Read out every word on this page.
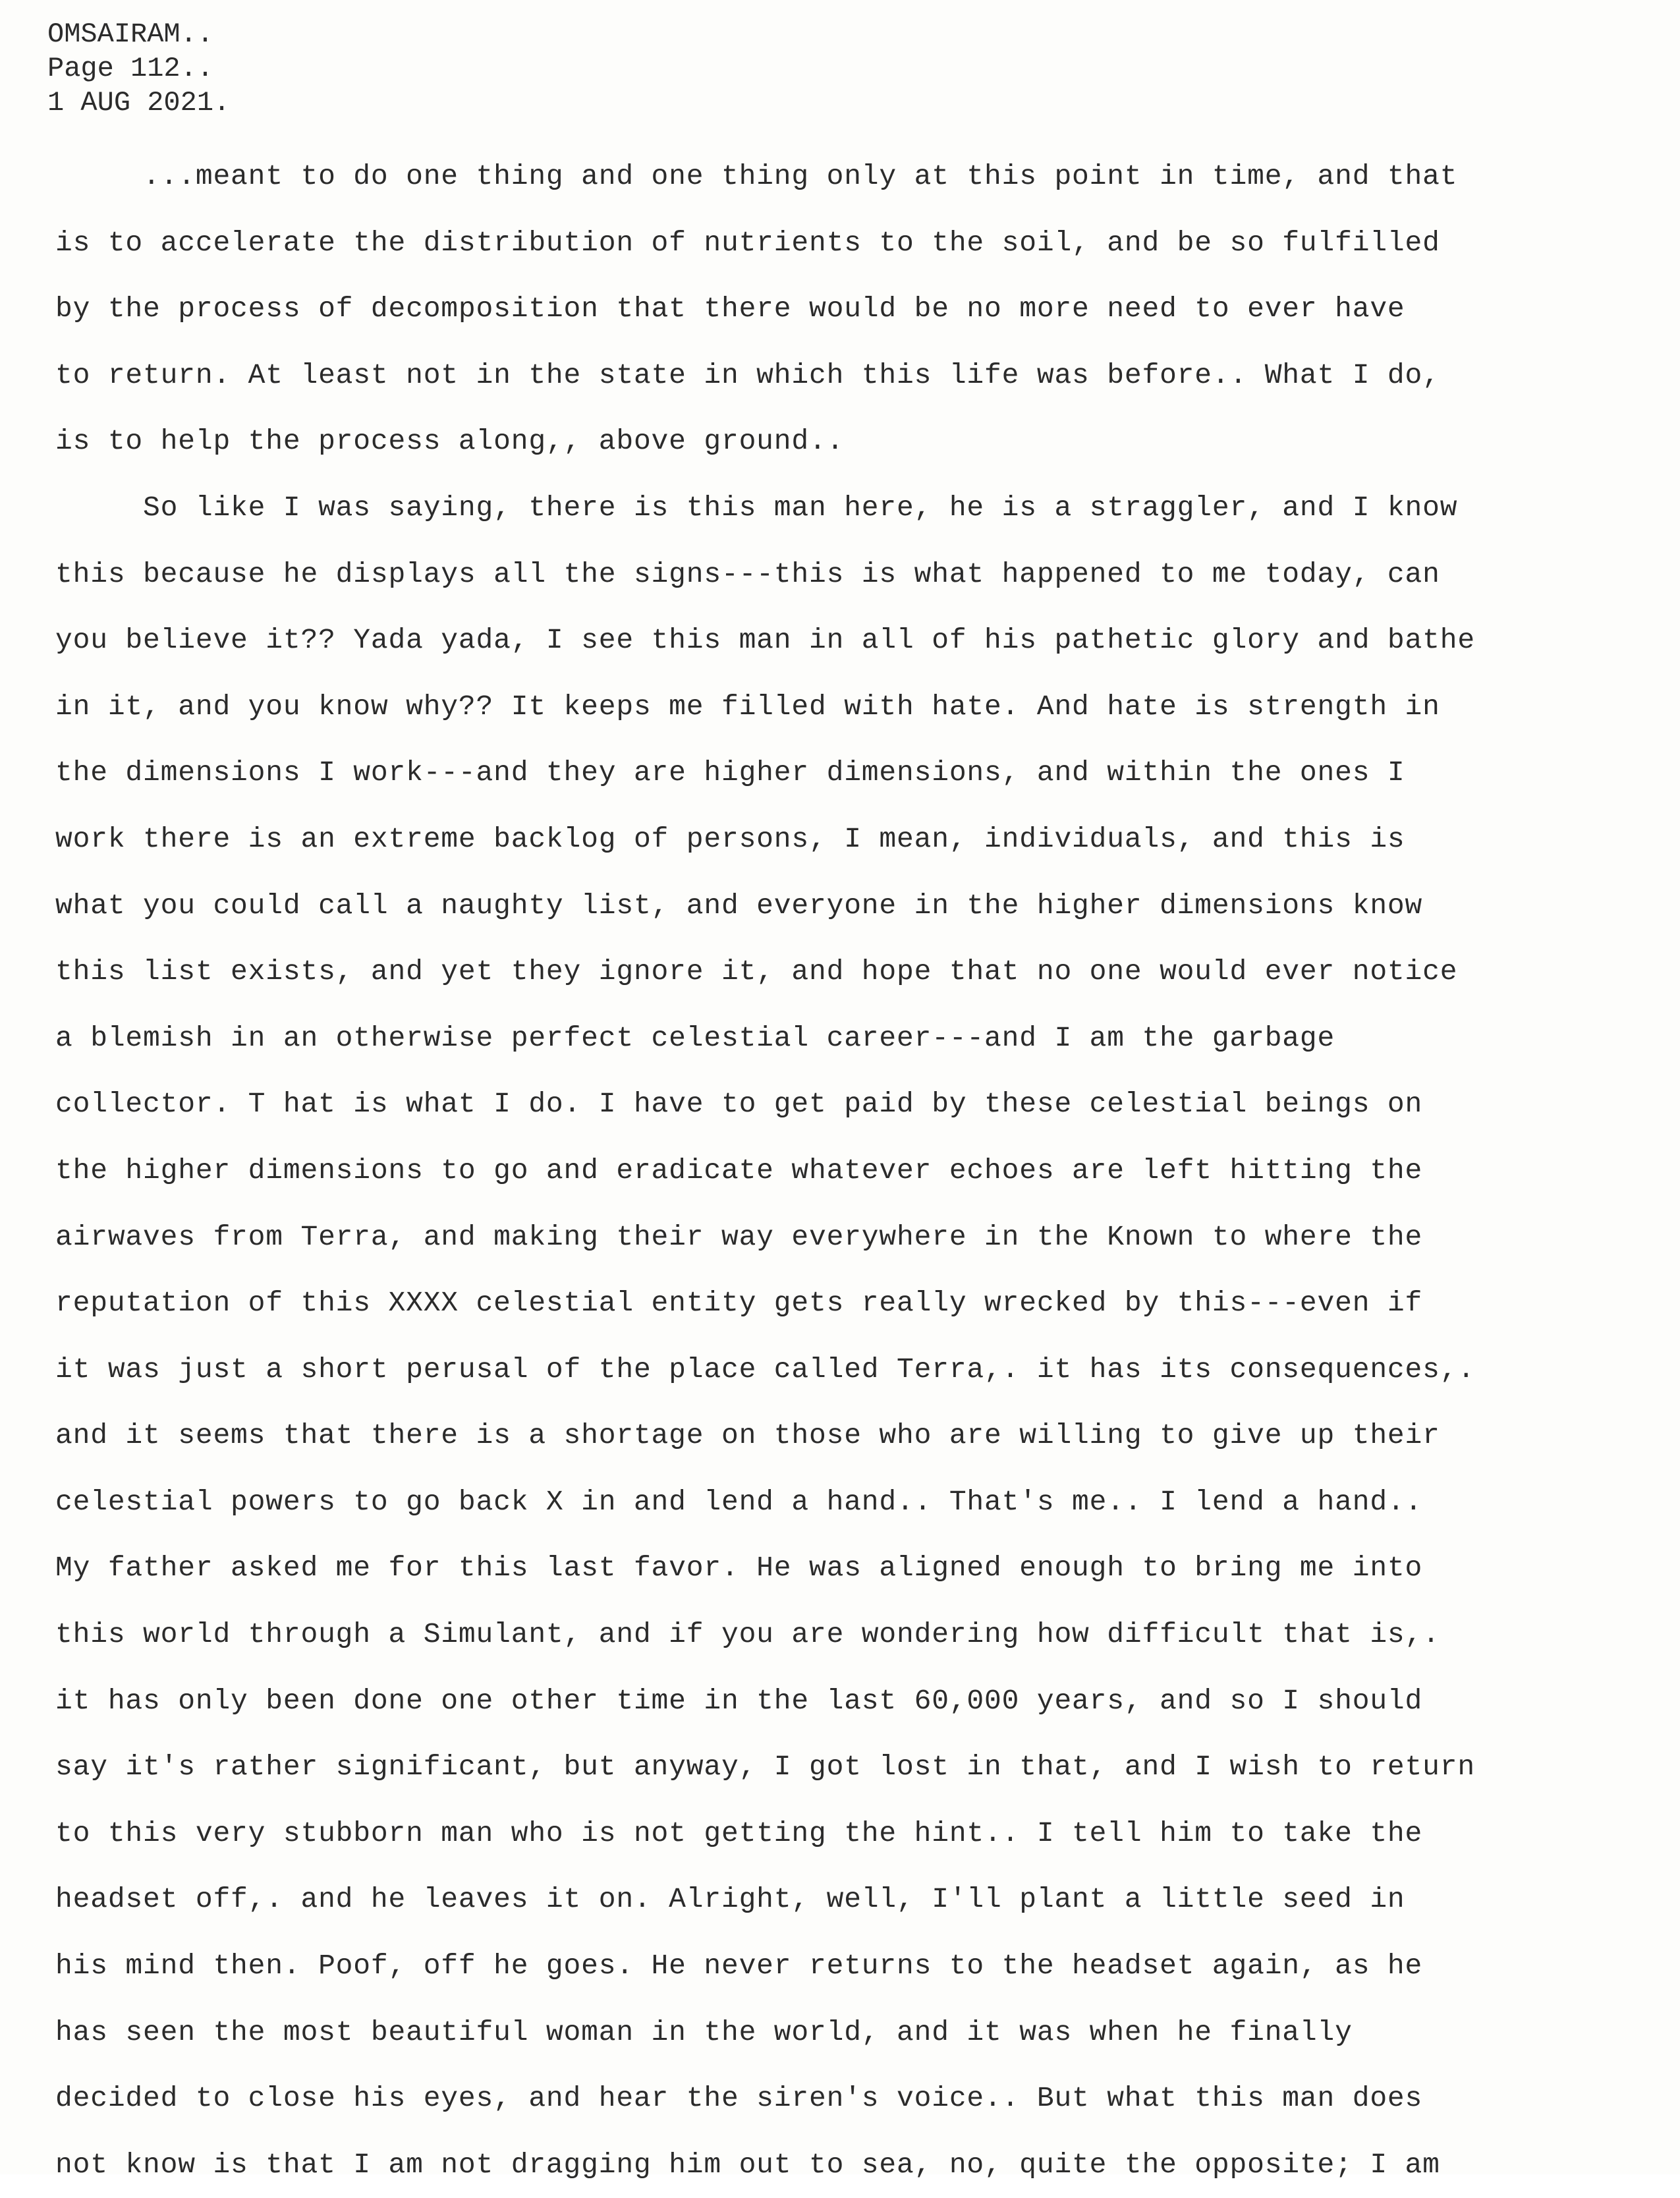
OMSAIRAM..
Page 112..
1 AUG 2021.
...meant to do one thing and one thing only at this point in time, and that
is to accelerate the distribution of nutrients to the soil, and be so fulfilled
by the process of decomposition that there would be no more need to ever have
to return. At least not in the state in which this life was before.. What I do,
is to help the process along,, above ground..
So like I was saying, there is this man here, he is a straggler, and I know
this because he displays all the signs---this is what happened to me today, can
you believe it?? Yada yada, I see this man in all of his pathetic glory and bathe
in it, and you know why?? It keeps me filled with hate. And hate is strength in
the dimensions I work---and they are higher dimensions, and within the ones I
work there is an extreme backlog of persons, I mean, individuals, and this is
what you could call a naughty list, and everyone in the higher dimensions know
this list exists, and yet they ignore it, and hope that no one would ever notice
a blemish in an otherwise perfect celestial career---and I am the garbage
collector. T hat is what I do. I have to get paid by these celestial beings on
the higher dimensions to go and eradicate whatever echoes are left hitting the
airwaves from Terra, and making their way everywhere in the Known to where the
reputation of this XXXX celestial entity gets really wrecked by this---even if
it was just a short perusal of the place called Terra,. it has its consequences,.
and it seems that there is a shortage on those who are willing to give up their
celestial powers to go back X in and lend a hand.. That's me.. I lend a hand..
My father asked me for this last favor. He was aligned enough to bring me into
this world through a Simulant, and if you are wondering how difficult that is,.
it has only been done one other time in the last 60,000 years, and so I should
say it's rather significant, but anyway, I got lost in that, and I wish to return
to this very stubborn man who is not getting the hint.. I tell him to take the
headset off,. and he leaves it on. Alright, well, I'll plant a little seed in
his mind then. Poof, off he goes. He never returns to the headset again, as he
has seen the most beautiful woman in the world, and it was when he finally
decided to close his eyes, and hear the siren's voice.. But what this man does
not know is that I am not dragging him out to sea, no, quite the opposite; I am
